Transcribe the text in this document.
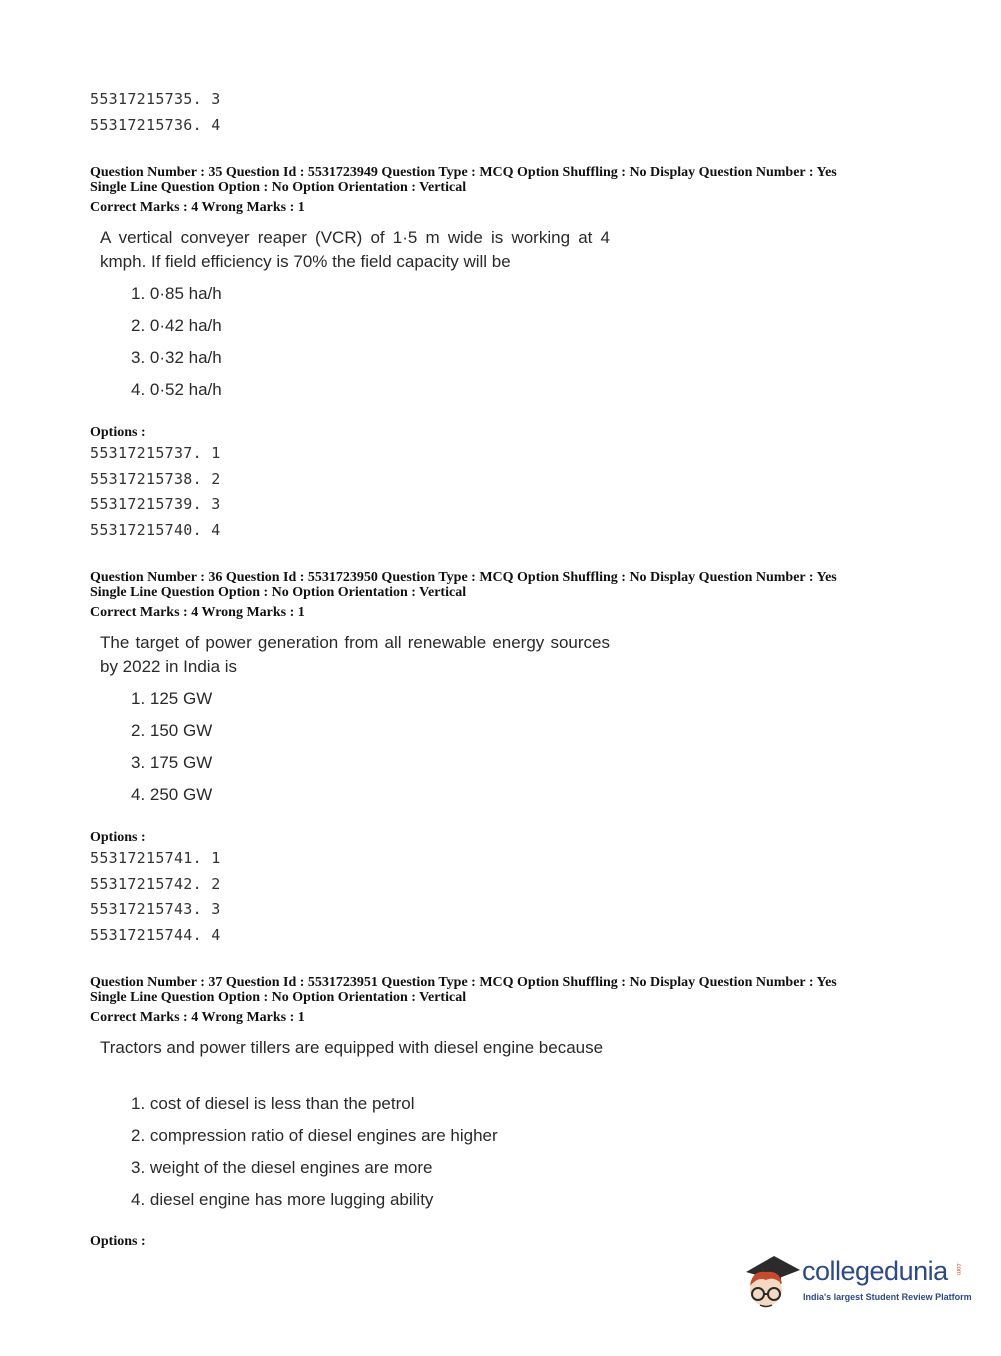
55317215735. 3
55317215736. 4
Question Number : 35 Question Id : 5531723949 Question Type : MCQ Option Shuffling : No Display Question Number : Yes
Single Line Question Option : No Option Orientation : Vertical
Correct Marks : 4 Wrong Marks : 1
A vertical conveyer reaper (VCR) of 1·5 m wide is working at 4 kmph. If field efficiency is 70% the field capacity will be
1. 0·85 ha/h
2. 0·42 ha/h
3. 0·32 ha/h
4. 0·52 ha/h
Options :
55317215737. 1
55317215738. 2
55317215739. 3
55317215740. 4
Question Number : 36 Question Id : 5531723950 Question Type : MCQ Option Shuffling : No Display Question Number : Yes
Single Line Question Option : No Option Orientation : Vertical
Correct Marks : 4 Wrong Marks : 1
The target of power generation from all renewable energy sources by 2022 in India is
1. 125 GW
2. 150 GW
3. 175 GW
4. 250 GW
Options :
55317215741. 1
55317215742. 2
55317215743. 3
55317215744. 4
Question Number : 37 Question Id : 5531723951 Question Type : MCQ Option Shuffling : No Display Question Number : Yes
Single Line Question Option : No Option Orientation : Vertical
Correct Marks : 4 Wrong Marks : 1
Tractors and power tillers are equipped with diesel engine because
1. cost of diesel is less than the petrol
2. compression ratio of diesel engines are higher
3. weight of the diesel engines are more
4. diesel engine has more lugging ability
Options :
collegedunia .com
India's largest Student Review Platform
